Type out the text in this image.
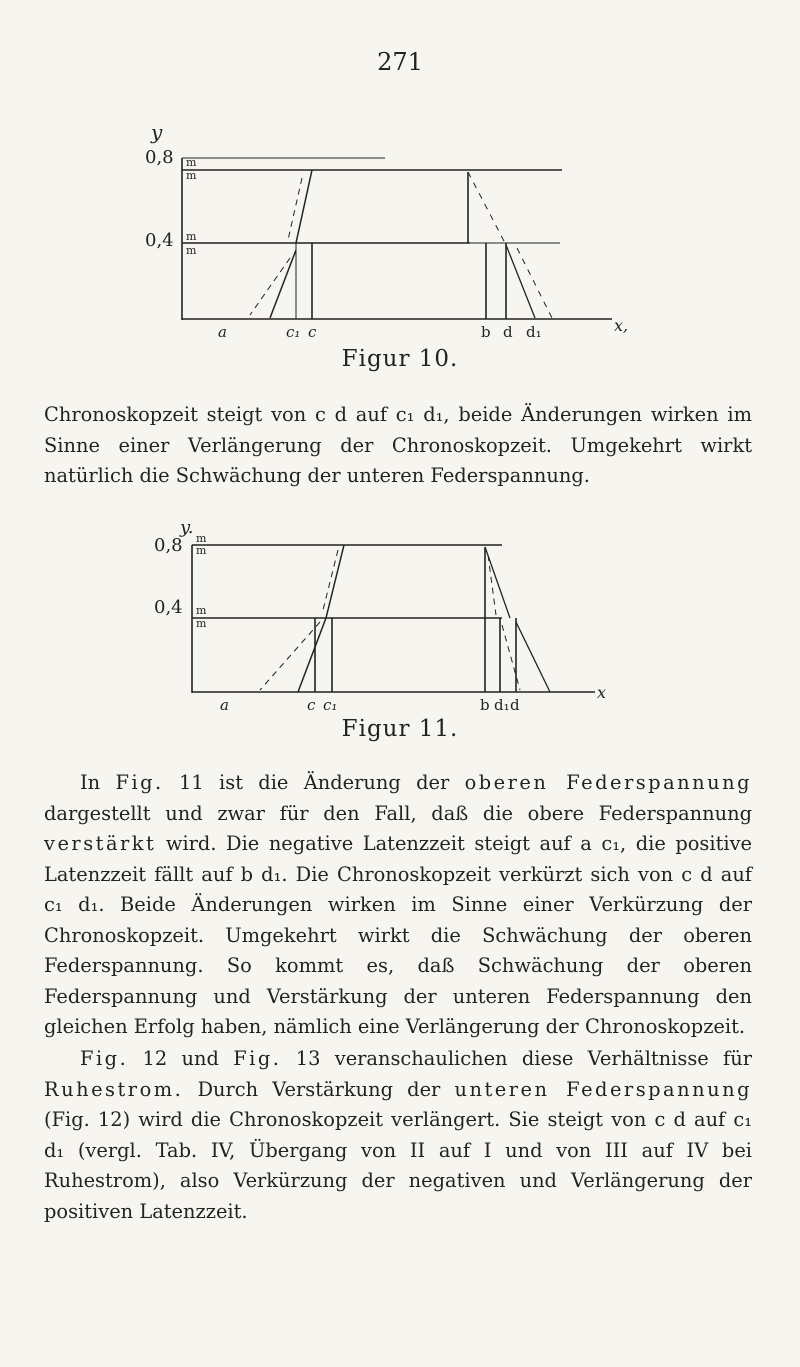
271
y
0,8
0,4
m
m
m
m
a	c₁ c	b d d₁	x,
Figur 10.

Chronoskopzeit steigt von c d auf c₁ d₁, beide Änderungen wirken im Sinne einer Verlängerung der Chronoskopzeit. Umgekehrt wirkt natürlich die Schwächung der unteren Federspannung.

y.
0,8
0,4
m
m
m
m
a	c c₁	b d₁ d
x
Figur 11.

In Fig. 11 ist die Änderung der oberen Federspannung dargestellt und zwar für den Fall, daß die obere Federspannung verstärkt wird. Die negative Latenzzeit steigt auf a c₁, die positive Latenzzeit fällt auf b d₁. Die Chronoskopzeit verkürzt sich von c d auf c₁ d₁. Beide Änderungen wirken im Sinne einer Verkürzung der Chronoskopzeit. Umgekehrt wirkt die Schwächung der oberen Federspannung. So kommt es, daß Schwächung der oberen Federspannung und Verstärkung der unteren Federspannung den gleichen Erfolg haben, nämlich eine Verlängerung der Chronoskopzeit.

Fig. 12 und Fig. 13 veranschaulichen diese Verhältnisse für Ruhestrom. Durch Verstärkung der unteren Federspannung (Fig. 12) wird die Chronoskopzeit verlängert. Sie steigt von c d auf c₁ d₁ (vergl. Tab. IV, Übergang von II auf I und von III auf IV bei Ruhestrom), also Verkürzung der negativen und Verlängerung der positiven Latenzzeit.
